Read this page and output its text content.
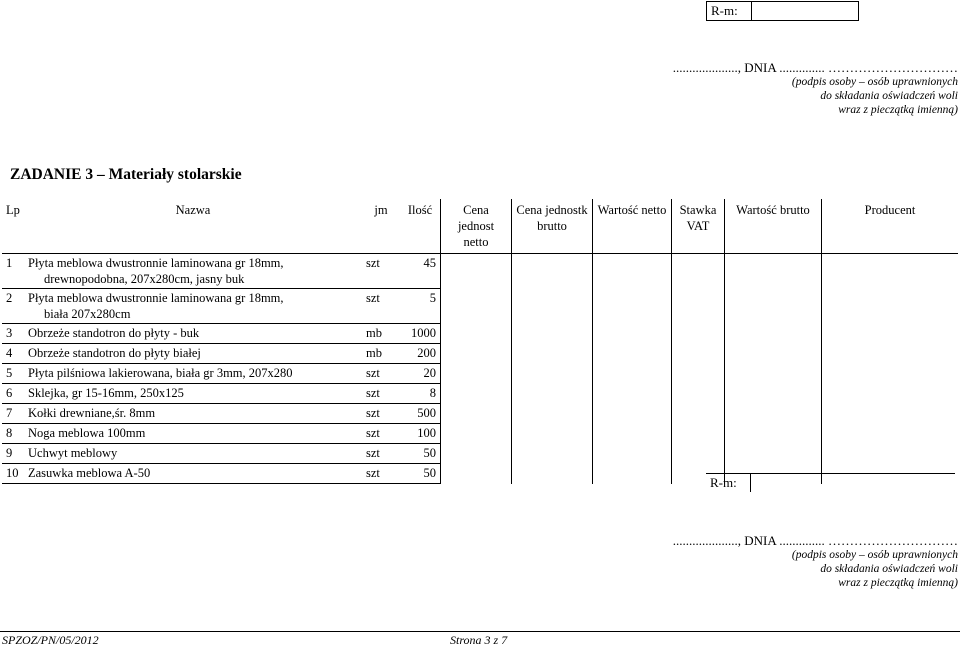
R-m:	
...................., DNIA .............. …………………………
(podpis osoby – osób uprawnionych
do składania oświadczeń woli
wraz z pieczątką imienną)
ZADANIE 3 – Materiały stolarskie
Lp	Nazwa	jm	Ilość	Cena jednost netto	Cena jednostk brutto	Wartość netto	Stawka VAT	Wartość brutto	Producent
1	Płyta meblowa dwustronnie laminowana gr 18mm,
drewnopodobna, 207x280cm, jasny buk	szt	45						
2	Płyta meblowa dwustronnie laminowana gr 18mm,
biała 207x280cm	szt	5						
3	Obrzeże standotron do płyty - buk	mb	1000						
4	Obrzeże standotron do płyty białej	mb	200						
5	Płyta pilśniowa lakierowana, biała gr 3mm, 207x280	szt	20						
6	Sklejka, gr 15-16mm, 250x125	szt	8						
7	Kołki drewniane,śr. 8mm	szt	500						
8	Noga meblowa 100mm	szt	100						
9	Uchwyt meblowy	szt	50						
10	Zasuwka meblowa A-50	szt	50						
R-m:	
...................., DNIA .............. …………………………
(podpis osoby – osób uprawnionych
do składania oświadczeń woli
wraz z pieczątką imienną)
SPZOZ/PN/05/2012	Strona 3 z 7
